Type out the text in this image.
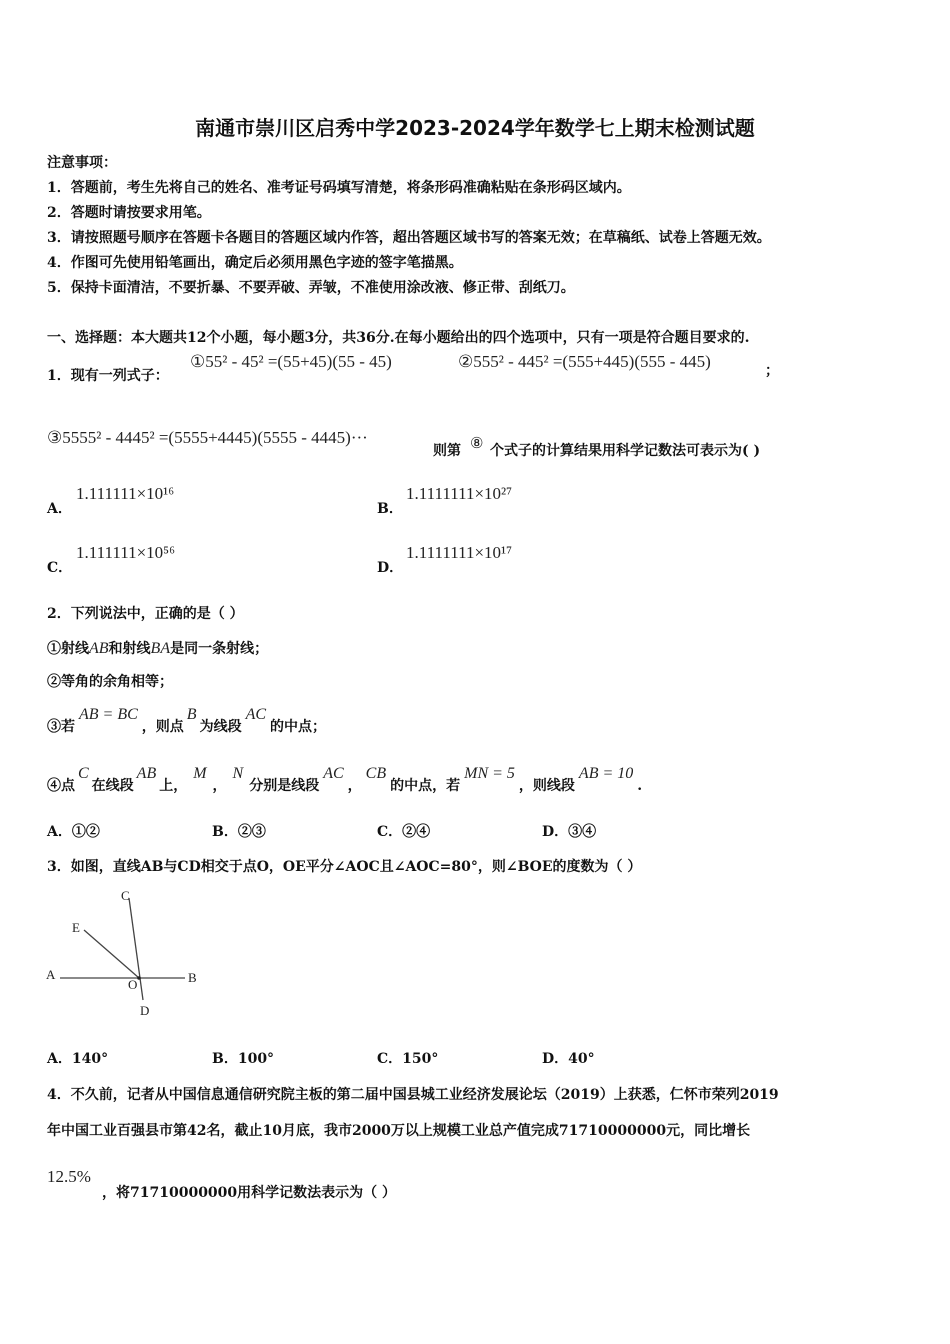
南通市崇川区启秀中学2023-2024学年数学七上期末检测试题
注意事项：
1．答题前，考生先将自己的姓名、准考证号码填写清楚，将条形码准确粘贴在条形码区域内。
2．答题时请按要求用笔。
3．请按照题号顺序在答题卡各题目的答题区域内作答，超出答题区域书写的答案无效；在草稿纸、试卷上答题无效。
4．作图可先使用铅笔画出，确定后必须用黑色字迹的签字笔描黑。
5．保持卡面清洁，不要折暴、不要弄破、弄皱，不准使用涂改液、修正带、刮纸刀。
一、选择题：本大题共12个小题，每小题3分，共36分.在每小题给出的四个选项中，只有一项是符合题目要求的.
1．现有一列式子：
①55² - 45² =(55+45)(55 - 45)	②555² - 445² =(555+445)(555 - 445)	；
③5555² - 4445² =(5555+4445)(5555 - 4445)···
则第 ⑧ 个式子的计算结果用科学记数法可表示为( )
A．
1.111111×10¹⁶
B．
1.1111111×10²⁷
C．
1.111111×10⁵⁶
D．
1.1111111×10¹⁷
2．下列说法中，正确的是（ ）
①射线AB和射线BA是同一条射线；
②等角的余角相等；
③若AB = BC，则点B为线段AC的中点；
④点C在线段AB上，M，N分别是线段AC，CB的中点，若MN = 5，则线段AB = 10.
A．①②	B．②③	C．②④	D．③④
3．如图，直线AB与CD相交于点O，OE平分∠AOC且∠AOC=80°，则∠BOE的度数为（ ）
C
E
A	B
O
D
A．140°	B．100°	C．150°	D．40°
4．不久前，记者从中国信息通信研究院主板的第二届中国县城工业经济发展论坛（2019）上获悉，仁怀市荣列2019
年中国工业百强县市第42名，截止10月底，我市2000万以上规模工业总产值完成71710000000元，同比增长
12.5%
，将71710000000用科学记数法表示为（ ）
